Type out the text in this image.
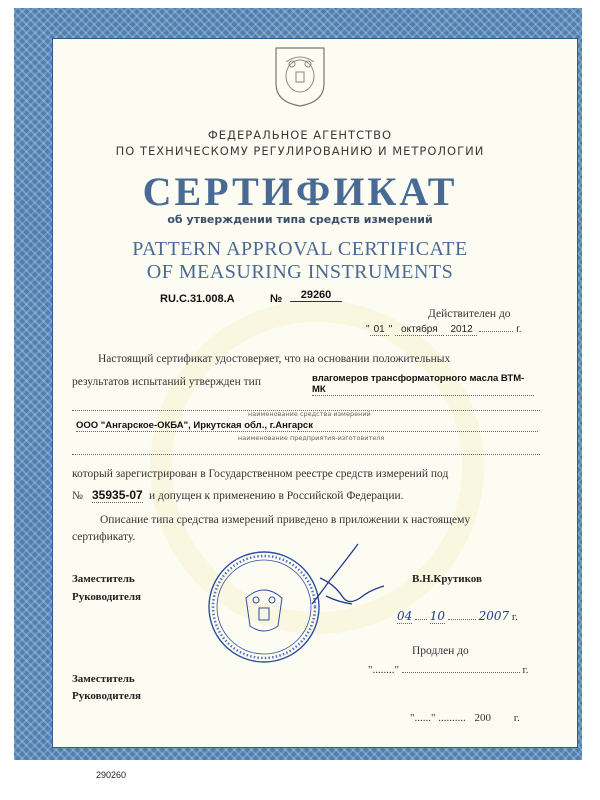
ФЕДЕРАЛЬНОЕ АГЕНТСТВО
ПО ТЕХНИЧЕСКОМУ РЕГУЛИРОВАНИЮ И МЕТРОЛОГИИ
СЕРТИФИКАТ
об утверждении типа средств измерений
PATTERN APPROVAL CERTIFICATE
OF MEASURING INSTRUMENTS
RU.C.31.008.A	№	29260
Действителен до
" 01 " октября 2012	г.
Настоящий сертификат удостоверяет, что на основании положительных
результатов испытаний утвержден тип	влагомеров трансформаторного масла ВТМ-МК
наименование средства измерений
ООО "Ангарское-ОКБА", Иркутская обл., г.Ангарск
наименование предприятия-изготовителя
который зарегистрирован в Государственном реестре средств измерений под
№ 35935-07 и допущен к применению в Российской Федерации.
Описание типа средства измерений приведено в приложении к настоящему
сертификату.
Заместитель
Руководителя
В.Н.Крутиков
04 10	2007 г.
Продлен до
"........"	г.
Заместитель
Руководителя
"......" .......... 200 г.
290260
